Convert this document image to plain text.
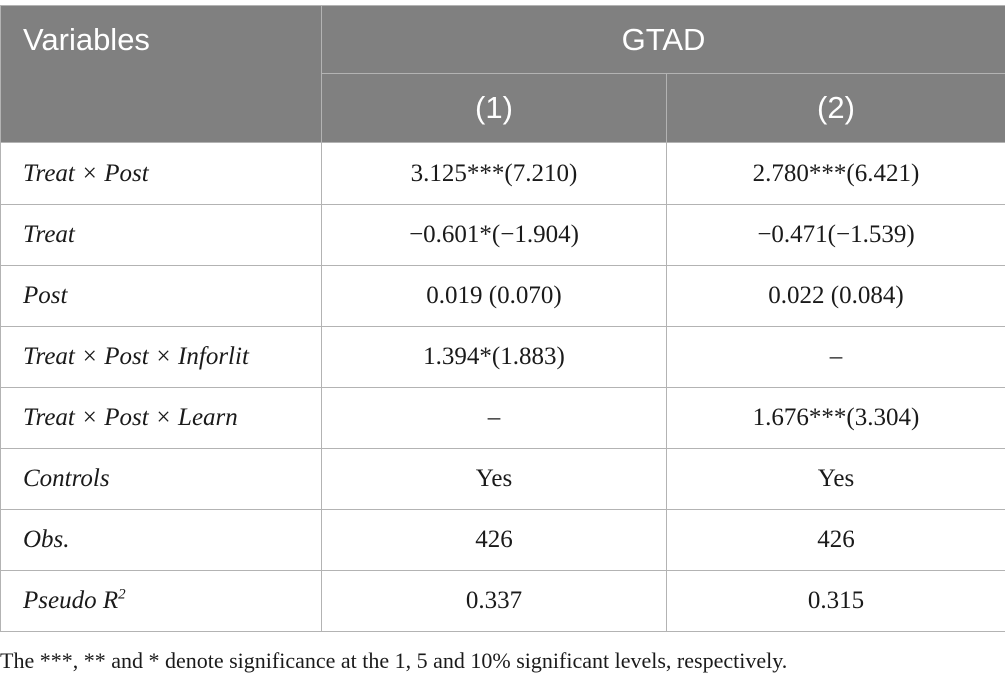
Variables	GTAD	
	(1)	(2)
Treat × Post	3.125***(7.210)	2.780***(6.421)
Treat	−0.601*(−1.904)	−0.471(−1.539)
Post	0.019 (0.070)	0.022 (0.084)
Treat × Post × Inforlit	1.394*(1.883)	–
Treat × Post × Learn	–	1.676***(3.304)
Controls	Yes	Yes
Obs.	426	426
Pseudo $R^2$	0.337	0.315
The ***, ** and * denote significance at the 1, 5 and 10% significant levels, respectively.
